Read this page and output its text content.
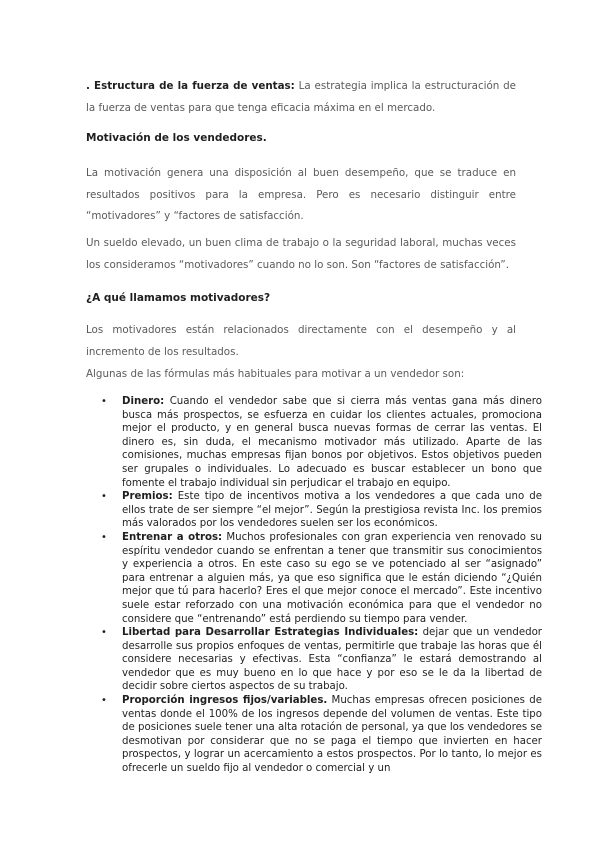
. Estructura de la fuerza de ventas: La estrategia implica la estructuración de la fuerza de ventas para que tenga eficacia máxima en el mercado.

Motivación de los vendedores.

La motivación genera una disposición al buen desempeño, que se traduce en resultados positivos para la empresa. Pero es necesario distinguir entre “motivadores” y “factores de satisfacción.

Un sueldo elevado, un buen clima de trabajo o la seguridad laboral, muchas veces los consideramos “motivadores” cuando no lo son. Son “factores de satisfacción”.

¿A qué llamamos motivadores?

Los motivadores están relacionados directamente con el desempeño y al incremento de los resultados.

Algunas de las fórmulas más habituales para motivar a un vendedor son:

• Dinero: Cuando el vendedor sabe que si cierra más ventas gana más dinero busca más prospectos, se esfuerza en cuidar los clientes actuales, promociona mejor el producto, y en general busca nuevas formas de cerrar las ventas. El dinero es, sin duda, el mecanismo motivador más utilizado. Aparte de las comisiones, muchas empresas fijan bonos por objetivos. Estos objetivos pueden ser grupales o individuales. Lo adecuado es buscar establecer un bono que fomente el trabajo individual sin perjudicar el trabajo en equipo.
• Premios: Este tipo de incentivos motiva a los vendedores a que cada uno de ellos trate de ser siempre “el mejor”. Según la prestigiosa revista Inc. los premios más valorados por los vendedores suelen ser los económicos.
• Entrenar a otros: Muchos profesionales con gran experiencia ven renovado su espíritu vendedor cuando se enfrentan a tener que transmitir sus conocimientos y experiencia a otros. En este caso su ego se ve potenciado al ser “asignado” para entrenar a alguien más, ya que eso significa que le están diciendo “¿Quién mejor que tú para hacerlo? Eres el que mejor conoce el mercado”. Este incentivo suele estar reforzado con una motivación económica para que el vendedor no considere que “entrenando” está perdiendo su tiempo para vender.
• Libertad para Desarrollar Estrategias Individuales: dejar que un vendedor desarrolle sus propios enfoques de ventas, permitirle que trabaje las horas que él considere necesarias y efectivas. Esta “confianza” le estará demostrando al vendedor que es muy bueno en lo que hace y por eso se le da la libertad de decidir sobre ciertos aspectos de su trabajo.
• Proporción ingresos fijos/variables. Muchas empresas ofrecen posiciones de ventas donde el 100% de los ingresos depende del volumen de ventas. Este tipo de posiciones suele tener una alta rotación de personal, ya que los vendedores se desmotivan por considerar que no se paga el tiempo que invierten en hacer prospectos, y lograr un acercamiento a estos prospectos. Por lo tanto, lo mejor es ofrecerle un sueldo fijo al vendedor o comercial y un
